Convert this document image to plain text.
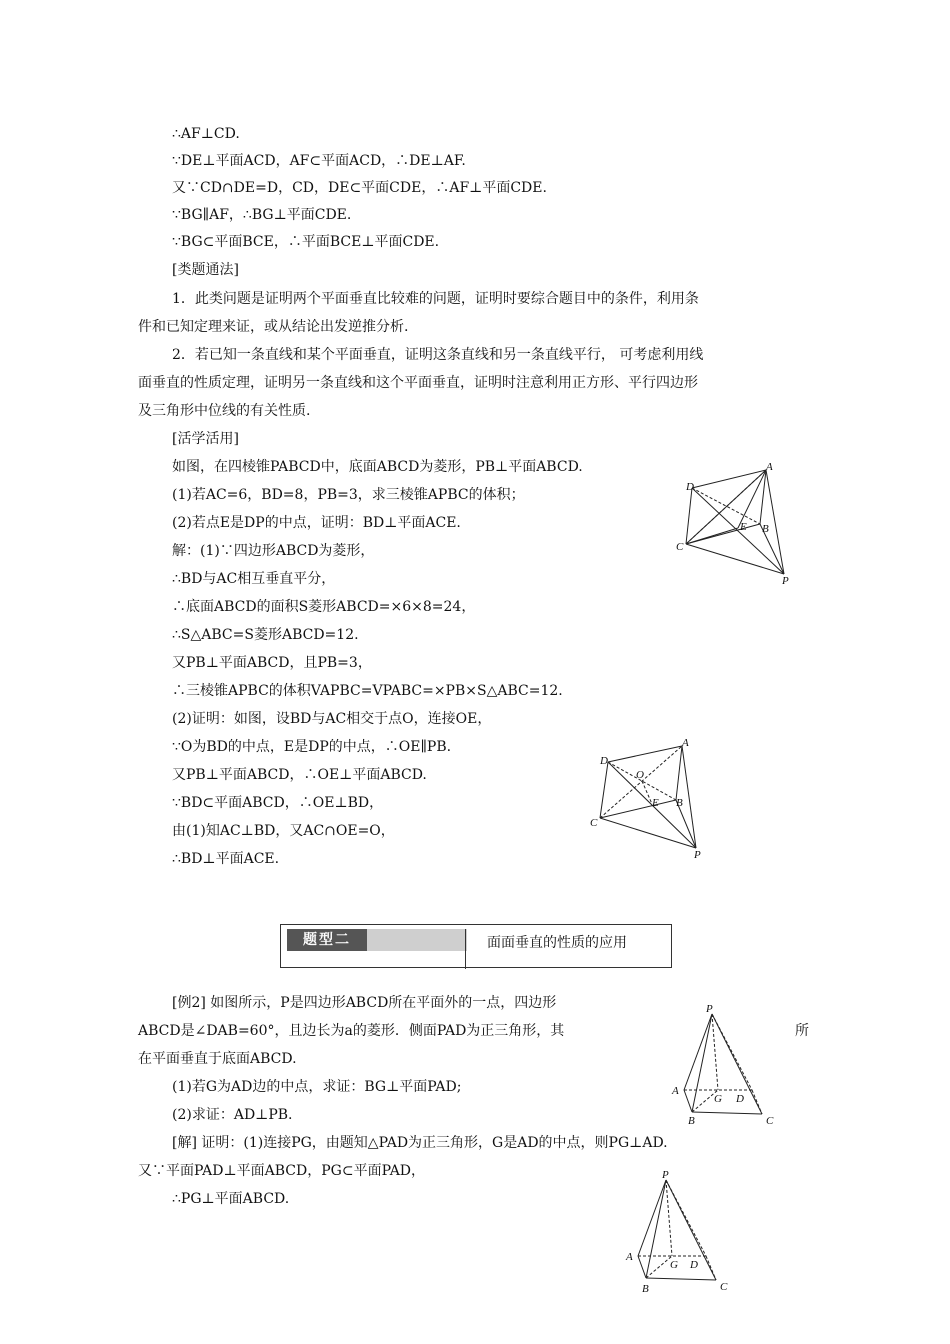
∴AF⊥CD.
∵DE⊥平面ACD，AF⊂平面ACD，∴DE⊥AF.
又∵CD∩DE=D，CD，DE⊂平面CDE，∴AF⊥平面CDE.
∵BG∥AF，∴BG⊥平面CDE.
∵BG⊂平面BCE，∴平面BCE⊥平面CDE.
[类题通法]
1．此类问题是证明两个平面垂直比较难的问题，证明时要综合题目中的条件，利用条
件和已知定理来证，或从结论出发逆推分析.
2．若已知一条直线和某个平面垂直，证明这条直线和另一条直线平行， 可考虑利用线
面垂直的性质定理，证明另一条直线和这个平面垂直，证明时注意利用正方形、平行四边形
及三角形中位线的有关性质.
[活学活用]
如图，在四棱锥PABCD中，底面ABCD为菱形，PB⊥平面ABCD.
(1)若AC=6，BD=8，PB=3，求三棱锥APBC的体积；
(2)若点E是DP的中点，证明：BD⊥平面ACE.
解：(1)∵四边形ABCD为菱形，
∴BD与AC相互垂直平分，
∴底面ABCD的面积S菱形ABCD=×6×8=24，
∴S△ABC=S菱形ABCD=12.
又PB⊥平面ABCD，且PB=3，
∴三棱锥APBC的体积VAPBC=VPABC=×PB×S△ABC=12.
(2)证明：如图，设BD与AC相交于点O，连接OE，
∵O为BD的中点，E是DP的中点，∴OE∥PB.
又PB⊥平面ABCD，∴OE⊥平面ABCD.
∵BD⊂平面ABCD，∴OE⊥BD，
由(1)知AC⊥BD，又AC∩OE=O，
∴BD⊥平面ACE.
[例2] 如图所示，P是四边形ABCD所在平面外的一点，四边形
ABCD是∠DAB=60°，且边长为a的菱形．侧面PAD为正三角形，其	所
在平面垂直于底面ABCD.
(1)若G为AD边的中点，求证：BG⊥平面PAD;
(2)求证：AD⊥PB.
[解] 证明：(1)连接PG，由题知△PAD为正三角形，G是AD的中点，则PG⊥AD.
又∵平面PAD⊥平面ABCD，PG⊂平面PAD，
∴PG⊥平面ABCD.
题型二	面面垂直的性质的应用
D
A
C
E B
P
D
A
O
C
E B
P
P
A
G D
B	C
P
A
G D
B	C
